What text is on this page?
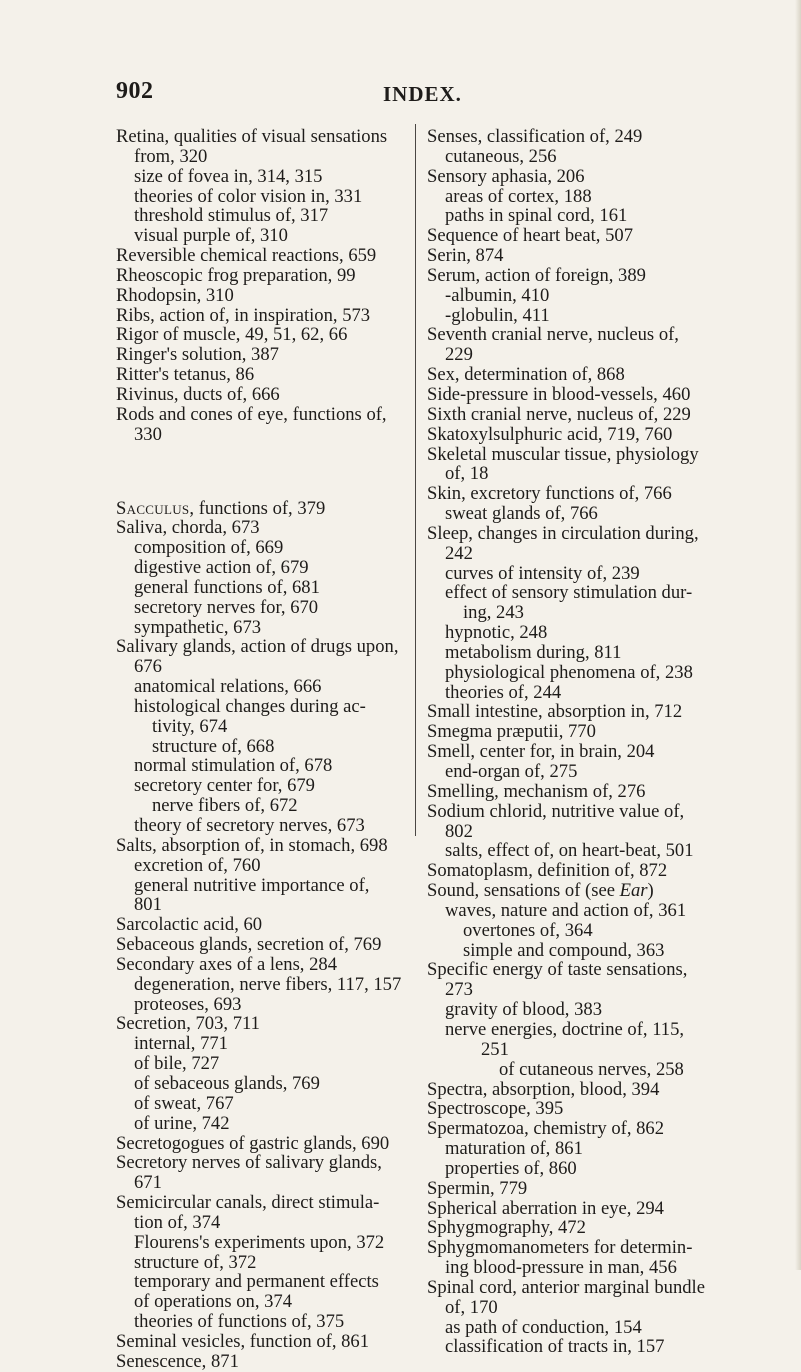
902	INDEX.
Retina, qualities of visual sensations
from, 320
size of fovea in, 314, 315
theories of color vision in, 331
threshold stimulus of, 317
visual purple of, 310
Reversible chemical reactions, 659
Rheoscopic frog preparation, 99
Rhodopsin, 310
Ribs, action of, in inspiration, 573
Rigor of muscle, 49, 51, 62, 66
Ringer's solution, 387
Ritter's tetanus, 86
Rivinus, ducts of, 666
Rods and cones of eye, functions of,
330
Sacculus, functions of, 379
Saliva, chorda, 673
composition of, 669
digestive action of, 679
general functions of, 681
secretory nerves for, 670
sympathetic, 673
Salivary glands, action of drugs upon,
676
anatomical relations, 666
histological changes during ac-
tivity, 674
structure of, 668
normal stimulation of, 678
secretory center for, 679
nerve fibers of, 672
theory of secretory nerves, 673
Salts, absorption of, in stomach, 698
excretion of, 760
general nutritive importance of,
801
Sarcolactic acid, 60
Sebaceous glands, secretion of, 769
Secondary axes of a lens, 284
degeneration, nerve fibers, 117, 157
proteoses, 693
Secretion, 703, 711
internal, 771
of bile, 727
of sebaceous glands, 769
of sweat, 767
of urine, 742
Secretogogues of gastric glands, 690
Secretory nerves of salivary glands,
671
Semicircular canals, direct stimula-
tion of, 374
Flourens's experiments upon, 372
structure of, 372
temporary and permanent effects
of operations on, 374
theories of functions of, 375
Seminal vesicles, function of, 861
Senescence, 871
Senses, classification of, 249
cutaneous, 256
Sensory aphasia, 206
areas of cortex, 188
paths in spinal cord, 161
Sequence of heart beat, 507
Serin, 874
Serum, action of foreign, 389
-albumin, 410
-globulin, 411
Seventh cranial nerve, nucleus of,
229
Sex, determination of, 868
Side-pressure in blood-vessels, 460
Sixth cranial nerve, nucleus of, 229
Skatoxylsulphuric acid, 719, 760
Skeletal muscular tissue, physiology
of, 18
Skin, excretory functions of, 766
sweat glands of, 766
Sleep, changes in circulation during,
242
curves of intensity of, 239
effect of sensory stimulation dur-
ing, 243
hypnotic, 248
metabolism during, 811
physiological phenomena of, 238
theories of, 244
Small intestine, absorption in, 712
Smegma præputii, 770
Smell, center for, in brain, 204
end-organ of, 275
Smelling, mechanism of, 276
Sodium chlorid, nutritive value of,
802
salts, effect of, on heart-beat, 501
Somatoplasm, definition of, 872
Sound, sensations of (see Ear)
waves, nature and action of, 361
overtones of, 364
simple and compound, 363
Specific energy of taste sensations,
273
gravity of blood, 383
nerve energies, doctrine of, 115,
251
of cutaneous nerves, 258
Spectra, absorption, blood, 394
Spectroscope, 395
Spermatozoa, chemistry of, 862
maturation of, 861
properties of, 860
Spermin, 779
Spherical aberration in eye, 294
Sphygmography, 472
Sphygmomanometers for determin-
ing blood-pressure in man, 456
Spinal cord, anterior marginal bundle
of, 170
as path of conduction, 154
classification of tracts in, 157
